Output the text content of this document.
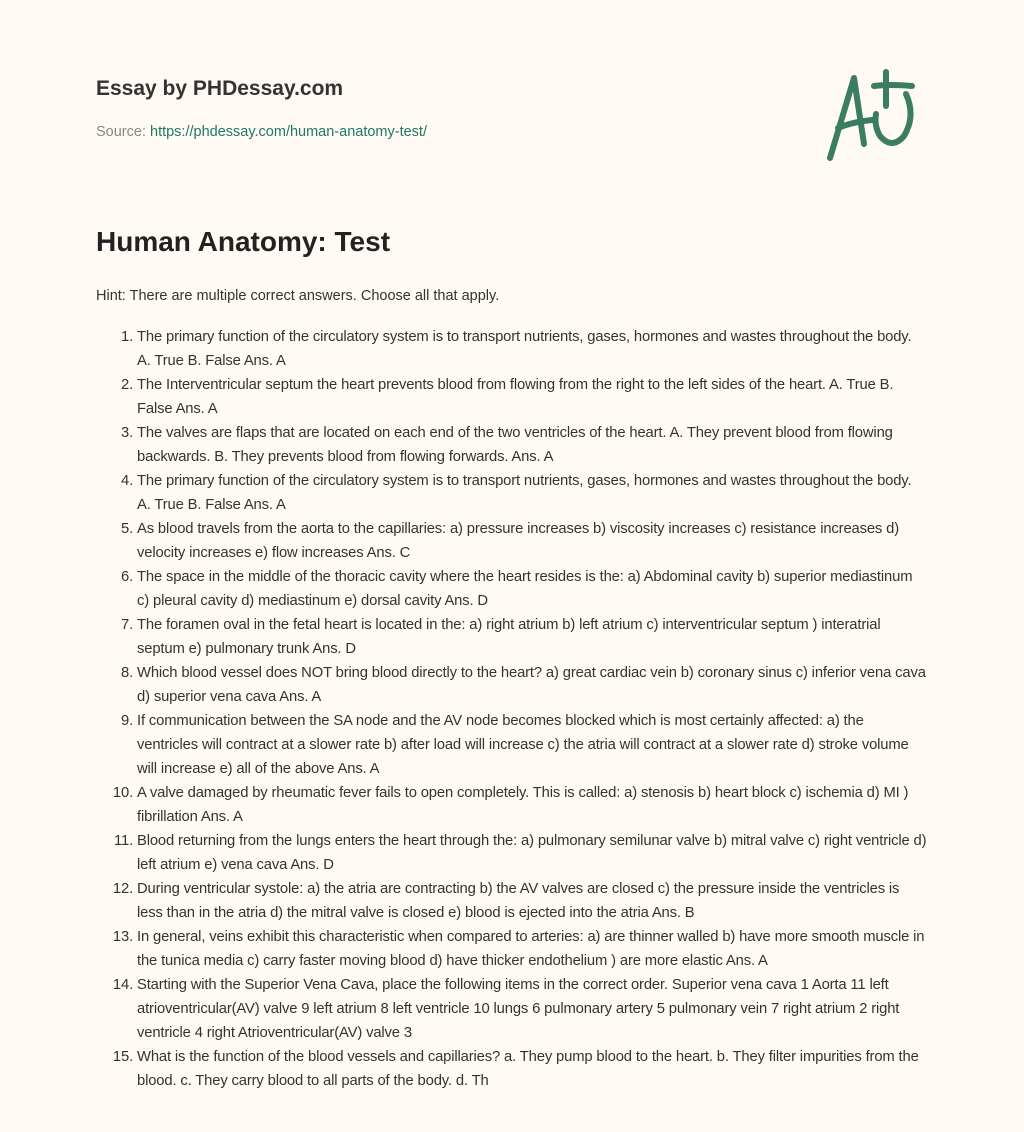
Essay by PHDessay.com
Source: https://phdessay.com/human-anatomy-test/
Human Anatomy: Test
Hint: There are multiple correct answers. Choose all that apply.
1. The primary function of the circulatory system is to transport nutrients, gases, hormones and wastes throughout the body. A. True B. False Ans. A
2. The Interventricular septum the heart prevents blood from flowing from the right to the left sides of the heart. A. True B. False Ans. A
3. The valves are flaps that are located on each end of the two ventricles of the heart. A. They prevent blood from flowing backwards. B. They prevents blood from flowing forwards. Ans. A
4. The primary function of the circulatory system is to transport nutrients, gases, hormones and wastes throughout the body. A. True B. False Ans. A
5. As blood travels from the aorta to the capillaries: a) pressure increases b) viscosity increases c) resistance increases d) velocity increases e) flow increases Ans. C
6. The space in the middle of the thoracic cavity where the heart resides is the: a) Abdominal cavity b) superior mediastinum c) pleural cavity d) mediastinum e) dorsal cavity Ans. D
7. The foramen oval in the fetal heart is located in the: a) right atrium b) left atrium c) interventricular septum ) interatrial septum e) pulmonary trunk Ans. D
8. Which blood vessel does NOT bring blood directly to the heart? a) great cardiac vein b) coronary sinus c) inferior vena cava d) superior vena cava Ans. A
9. If communication between the SA node and the AV node becomes blocked which is most certainly affected: a) the ventricles will contract at a slower rate b) after load will increase c) the atria will contract at a slower rate d) stroke volume will increase e) all of the above Ans. A
10. A valve damaged by rheumatic fever fails to open completely. This is called: a) stenosis b) heart block c) ischemia d) MI ) fibrillation Ans. A
11. Blood returning from the lungs enters the heart through the: a) pulmonary semilunar valve b) mitral valve c) right ventricle d) left atrium e) vena cava Ans. D
12. During ventricular systole: a) the atria are contracting b) the AV valves are closed c) the pressure inside the ventricles is less than in the atria d) the mitral valve is closed e) blood is ejected into the atria Ans. B
13. In general, veins exhibit this characteristic when compared to arteries: a) are thinner walled b) have more smooth muscle in the tunica media c) carry faster moving blood d) have thicker endothelium ) are more elastic Ans. A
14. Starting with the Superior Vena Cava, place the following items in the correct order. Superior vena cava 1 Aorta 11 left atrioventricular(AV) valve 9 left atrium 8 left ventricle 10 lungs 6 pulmonary artery 5 pulmonary vein 7 right atrium 2 right ventricle 4 right Atrioventricular(AV) valve 3
15. What is the function of the blood vessels and capillaries? a. They pump blood to the heart. b. They filter impurities from the blood. c. They carry blood to all parts of the body. d. Th
